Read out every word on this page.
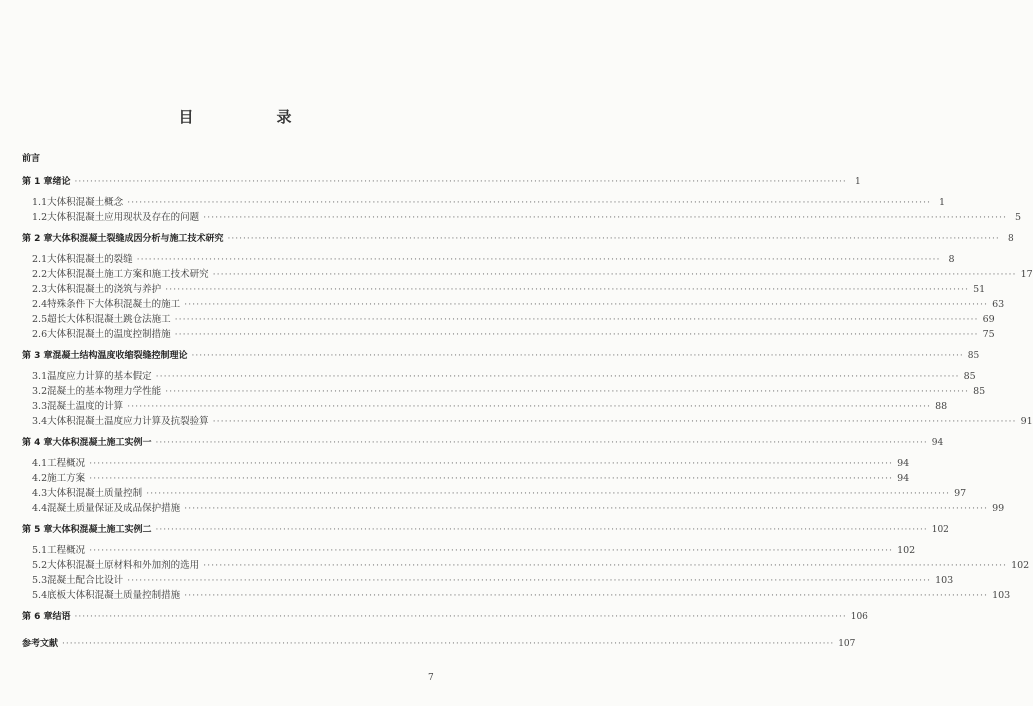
目　录
前言
第 1 章 绪论 ········································································································································································································ 1
1.1 大体积混凝土概念 ········································································································································································································ 1
1.2 大体积混凝土应用现状及存在的问题 ········································································································································································································ 5
第 2 章 大体积混凝土裂缝成因分析与施工技术研究 ········································································································································································································ 8
2.1 大体积混凝土的裂缝 ········································································································································································································ 8
2.2 大体积混凝土施工方案和施工技术研究 ········································································································································································································ 17
2.3 大体积混凝土的浇筑与养护 ········································································································································································································ 51
2.4 特殊条件下大体积混凝土的施工 ········································································································································································································ 63
2.5 超长大体积混凝土跳仓法施工 ········································································································································································································ 69
2.6 大体积混凝土的温度控制措施 ········································································································································································································ 75
第 3 章 混凝土结构温度收缩裂缝控制理论 ········································································································································································································ 85
3.1 温度应力计算的基本假定 ········································································································································································································ 85
3.2 混凝土的基本物理力学性能 ········································································································································································································ 85
3.3 混凝土温度的计算 ········································································································································································································ 88
3.4 大体积混凝土温度应力计算及抗裂验算 ········································································································································································································ 91
第 4 章 大体积混凝土施工实例一 ········································································································································································································ 94
4.1 工程概况 ········································································································································································································ 94
4.2 施工方案 ········································································································································································································ 94
4.3 大体积混凝土质量控制 ········································································································································································································ 97
4.4 混凝土质量保证及成品保护措施 ········································································································································································································ 99
第 5 章 大体积混凝土施工实例二 ········································································································································································································ 102
5.1 工程概况 ········································································································································································································ 102
5.2 大体积混凝土原材料和外加剂的选用 ········································································································································································································ 102
5.3 混凝土配合比设计 ········································································································································································································ 103
5.4 底板大体积混凝土质量控制措施 ········································································································································································································ 103
第 6 章 结语 ········································································································································································································ 106
参考文献 ········································································································································································································ 107
7
